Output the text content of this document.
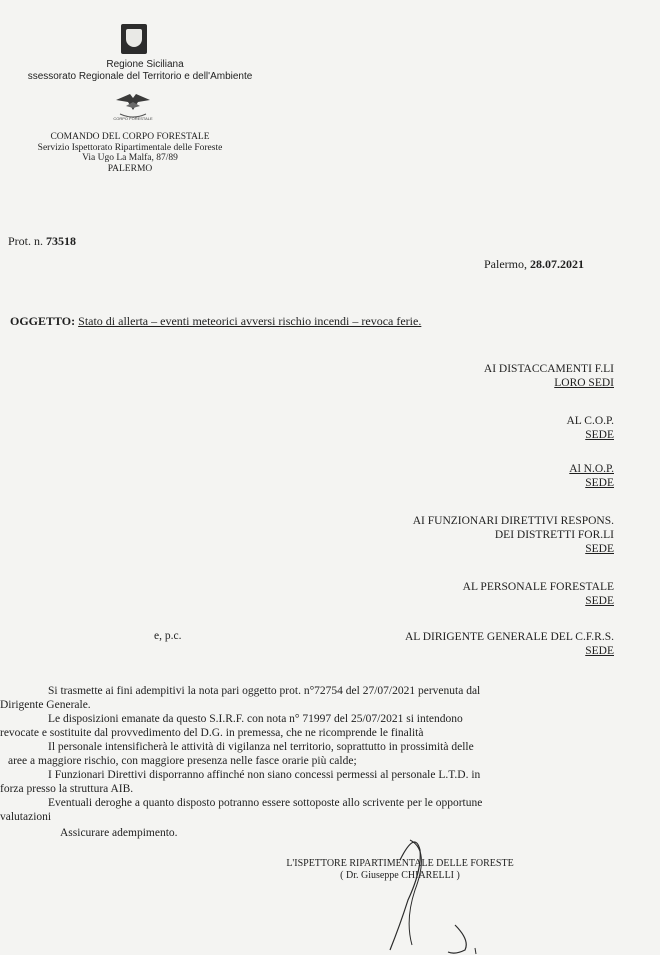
Regione Siciliana
ssessorato Regionale del Territorio e dell'Ambiente
CORPO FORESTALE
COMANDO DEL CORPO FORESTALE
Servizio Ispettorato Ripartimentale delle Foreste
Via Ugo La Malfa, 87/89
PALERMO
Prot. n. 73518
Palermo, 28.07.2021
OGGETTO: Stato di allerta – eventi meteorici avversi rischio incendi – revoca ferie.
AI DISTACCAMENTI F.LI
LORO SEDI
AL C.O.P.
SEDE
Al N.O.P.
SEDE
AI FUNZIONARI DIRETTIVI RESPONS.
DEI DISTRETTI FOR.LI
SEDE
AL PERSONALE FORESTALE
SEDE
e, p.c.	AL DIRIGENTE GENERALE DEL C.F.R.S.
SEDE
Si trasmette ai fini adempitivi la nota pari oggetto prot. n°72754 del 27/07/2021 pervenuta dal
Dirigente Generale.
Le disposizioni emanate da questo S.I.R.F. con nota n° 71997 del 25/07/2021 si intendono
revocate e sostituite dal provvedimento del D.G. in premessa, che ne ricomprende le finalità
Il personale intensificherà le attività di vigilanza nel territorio, soprattutto in prossimità delle
aree a maggiore rischio, con maggiore presenza nelle fasce orarie più calde;
I Funzionari Direttivi disporranno affinché non siano concessi permessi al personale L.T.D. in
forza presso la struttura AIB.
Eventuali deroghe a quanto disposto potranno essere sottoposte allo scrivente per le opportune
valutazioni
Assicurare adempimento.
L'ISPETTORE RIPARTIMENTALE DELLE FORESTE
( Dr. Giuseppe CHIARELLI )
